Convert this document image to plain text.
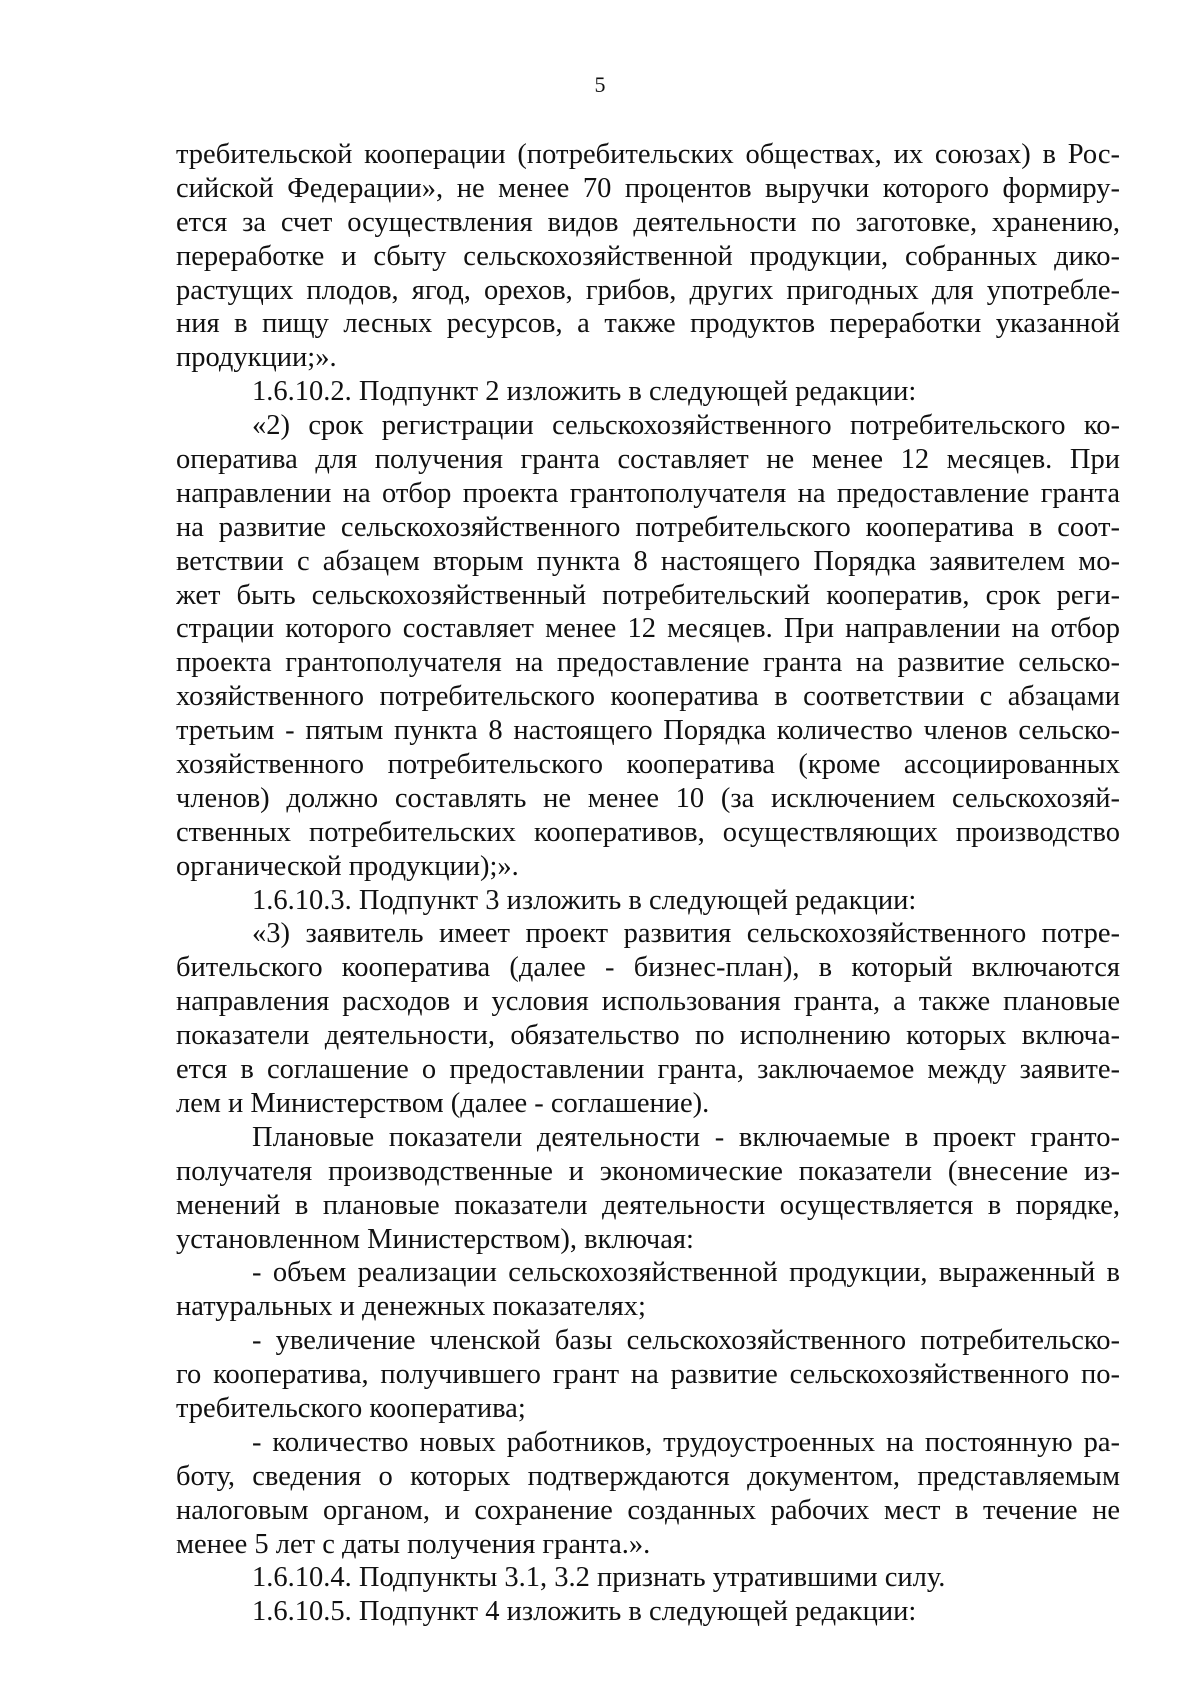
5
требительской кооперации (потребительских обществах, их союзах) в Рос-
сийской Федерации», не менее 70 процентов выручки которого формиру-
ется за счет осуществления видов деятельности по заготовке, хранению,
переработке и сбыту сельскохозяйственной продукции, собранных дико-
растущих плодов, ягод, орехов, грибов, других пригодных для употребле-
ния в пищу лесных ресурсов, а также продуктов переработки указанной
продукции;».
1.6.10.2. Подпункт 2 изложить в следующей редакции:
«2) срок регистрации сельскохозяйственного потребительского ко-
оператива для получения гранта составляет не менее 12 месяцев. При
направлении на отбор проекта грантополучателя на предоставление гранта
на развитие сельскохозяйственного потребительского кооператива в соот-
ветствии с абзацем вторым пункта 8 настоящего Порядка заявителем мо-
жет быть сельскохозяйственный потребительский кооператив, срок реги-
страции которого составляет менее 12 месяцев. При направлении на отбор
проекта грантополучателя на предоставление гранта на развитие сельско-
хозяйственного потребительского кооператива в соответствии с абзацами
третьим - пятым пункта 8 настоящего Порядка количество членов сельско-
хозяйственного потребительского кооператива (кроме ассоциированных
членов) должно составлять не менее 10 (за исключением сельскохозяй-
ственных потребительских кооперативов, осуществляющих производство
органической продукции);».
1.6.10.3. Подпункт 3 изложить в следующей редакции:
«3) заявитель имеет проект развития сельскохозяйственного потре-
бительского кооператива (далее - бизнес-план), в который включаются
направления расходов и условия использования гранта, а также плановые
показатели деятельности, обязательство по исполнению которых включа-
ется в соглашение о предоставлении гранта, заключаемое между заявите-
лем и Министерством (далее - соглашение).
Плановые показатели деятельности - включаемые в проект гранто-
получателя производственные и экономические показатели (внесение из-
менений в плановые показатели деятельности осуществляется в порядке,
установленном Министерством), включая:
- объем реализации сельскохозяйственной продукции, выраженный в
натуральных и денежных показателях;
- увеличение членской базы сельскохозяйственного потребительско-
го кооператива, получившего грант на развитие сельскохозяйственного по-
требительского кооператива;
- количество новых работников, трудоустроенных на постоянную ра-
боту, сведения о которых подтверждаются документом, представляемым
налоговым органом, и сохранение созданных рабочих мест в течение не
менее 5 лет с даты получения гранта.».
1.6.10.4. Подпункты 3.1, 3.2 признать утратившими силу.
1.6.10.5. Подпункт 4 изложить в следующей редакции:
